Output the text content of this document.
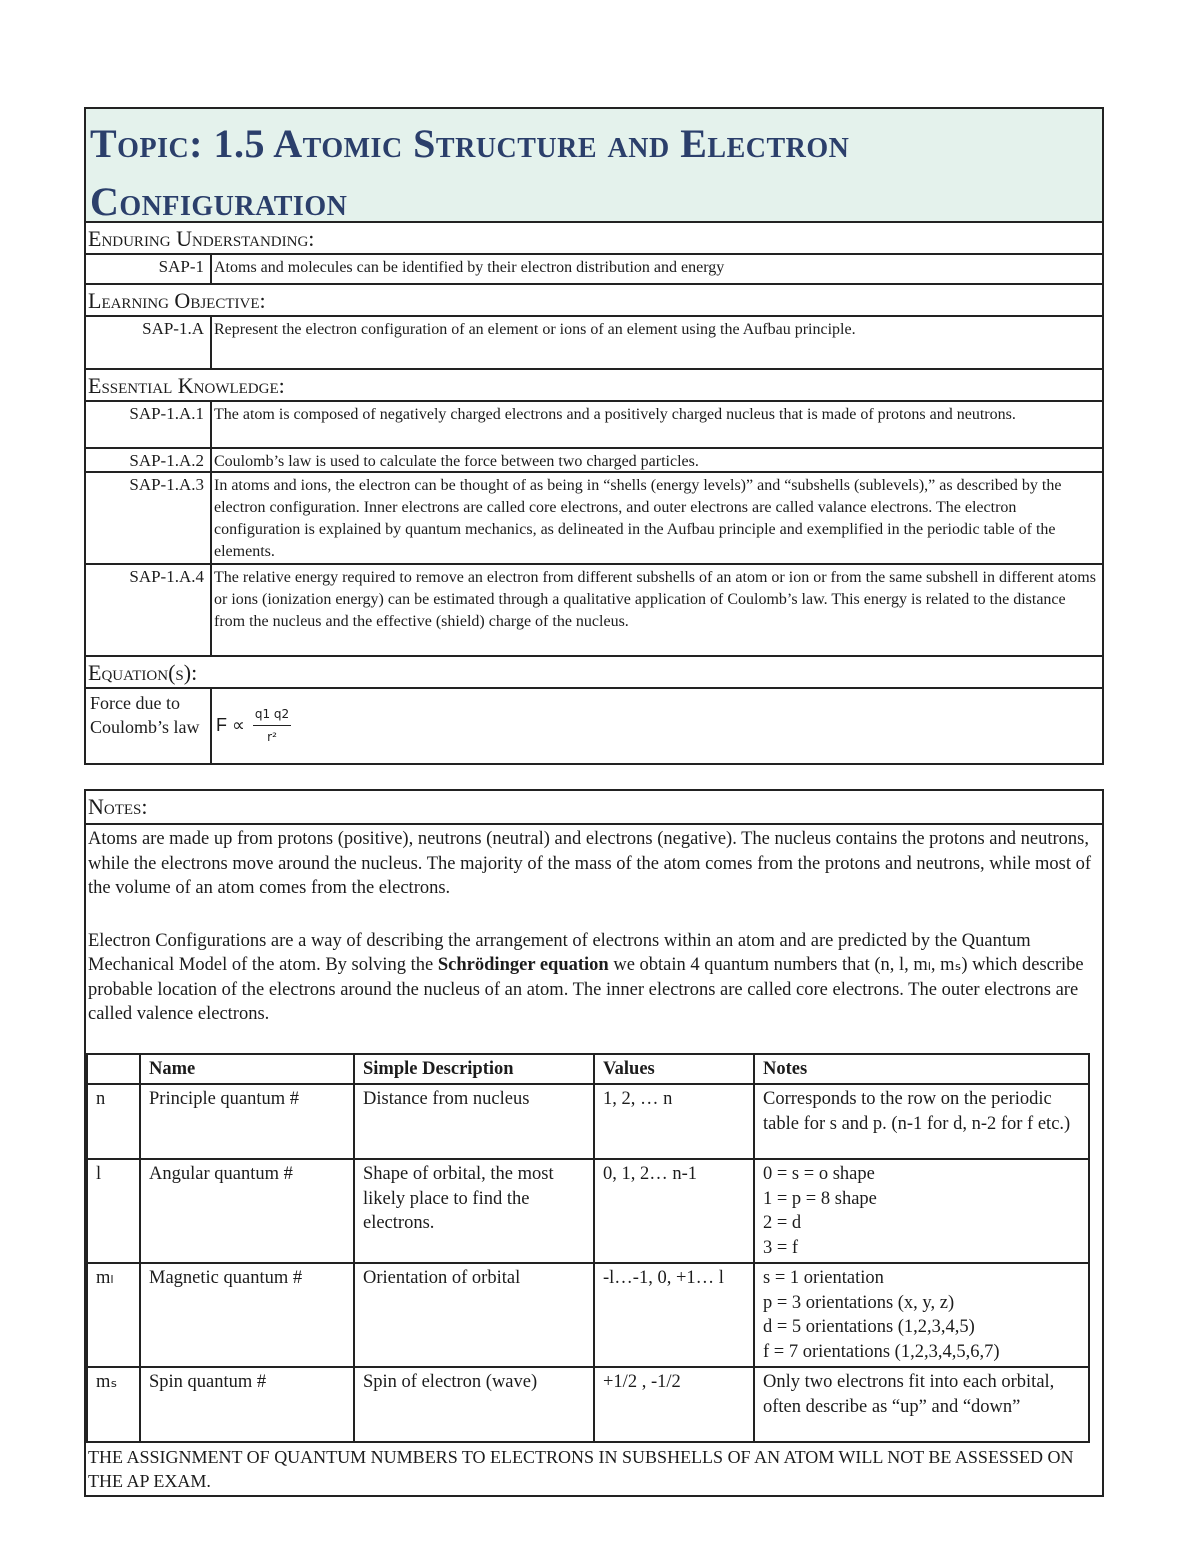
Topic: 1.5 Atomic Structure and Electron
Configuration
Enduring Understanding:
SAP-1 Atoms and molecules can be identified by their electron distribution and energy
Learning Objective:
SAP-1.A Represent the electron configuration of an element or ions of an element using the Aufbau principle.
Essential Knowledge:
SAP-1.A.1 The atom is composed of negatively charged electrons and a positively charged nucleus that is made of protons and neutrons.
SAP-1.A.2 Coulomb’s law is used to calculate the force between two charged particles.
SAP-1.A.3 In atoms and ions, the electron can be thought of as being in “shells (energy levels)” and “subshells (sublevels),” as described by the electron configuration. Inner electrons are called core electrons, and outer electrons are called valance electrons. The electron configuration is explained by quantum mechanics, as delineated in the Aufbau principle and exemplified in the periodic table of the elements.
SAP-1.A.4 The relative energy required to remove an electron from different subshells of an atom or ion or from the same subshell in different atoms or ions (ionization energy) can be estimated through a qualitative application of Coulomb’s law. This energy is related to the distance from the nucleus and the effective (shield) charge of the nucleus.
Equation(s):
Force due to Coulomb’s law $F \propto \frac{q1 q2}{\text{r²}}$
Notes:

Atoms are made up from protons (positive), neutrons (neutral) and electrons (negative). The nucleus contains the protons and neutrons, while the electrons move around the nucleus. The majority of the mass of the atom comes from the protons and neutrons, while most of the volume of an atom comes from the electrons.

Electron Configurations are a way of describing the arrangement of electrons within an atom and are predicted by the Quantum Mechanical Model of the atom. By solving the Schrödinger equation we obtain 4 quantum numbers that (n, l, mₗ, mₛ) which describe probable location of the electrons around the nucleus of an atom. The inner electrons are called core electrons. The outer electrons are called valence electrons.

	Name	Simple Description	Values	Notes
n	Principle quantum #	Distance from nucleus	1, 2, … n	Corresponds to the row on the periodic table for s and p. (n-1 for d, n-2 for f etc.)

l	Angular quantum #	Shape of orbital, the most likely place to find the electrons.	0, 1, 2… n-1	0 = s = o shape
1 = p = 8 shape
2 = d
3 = f

mₗ	Magnetic quantum #	Orientation of orbital	-l…-1, 0, +1… l	s = 1 orientation
p = 3 orientations (x, y, z)
d = 5 orientations (1,2,3,4,5)
f = 7 orientations (1,2,3,4,5,6,7)

mₛ	Spin quantum #	Spin of electron (wave)	+1/2 , -1/2	Only two electrons fit into each orbital, often describe as “up” and “down”
THE ASSIGNMENT OF QUANTUM NUMBERS TO ELECTRONS IN SUBSHELLS OF AN ATOM WILL NOT BE ASSESSED ON THE AP EXAM.
